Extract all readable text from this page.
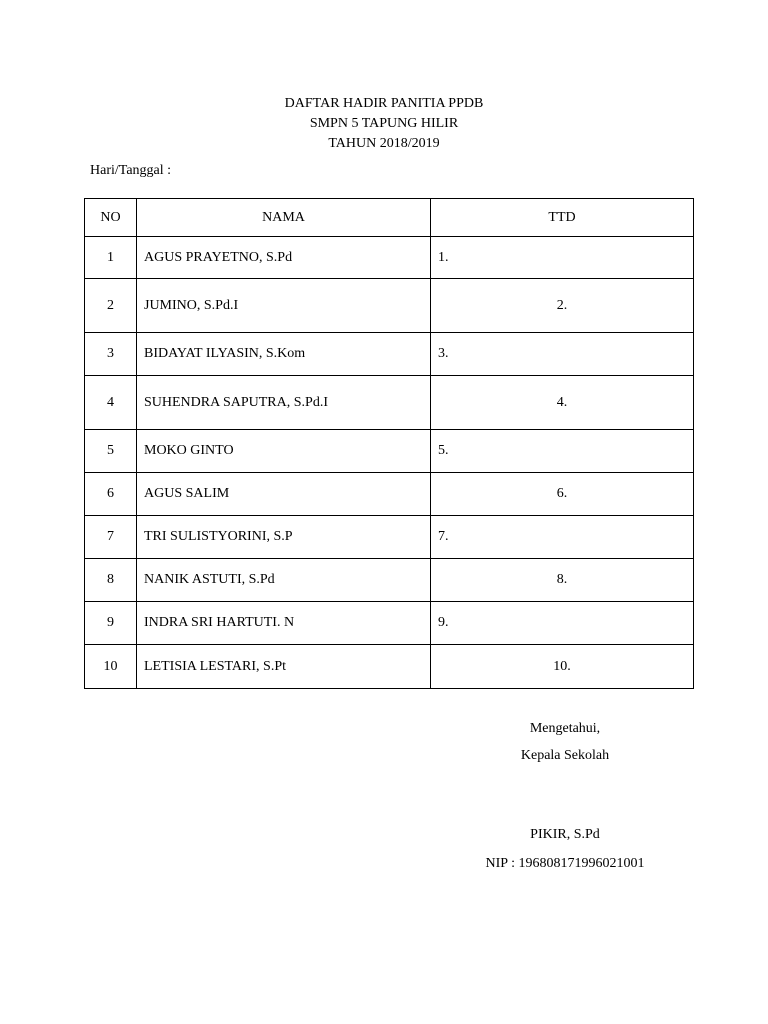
DAFTAR HADIR PANITIA PPDB
SMPN 5 TAPUNG HILIR
TAHUN 2018/2019
Hari/Tanggal :
NO	NAMA	TTD
1	AGUS PRAYETNO, S.Pd	1.
2	JUMINO, S.Pd.I	2.
3	BIDAYAT ILYASIN, S.Kom	3.
4	SUHENDRA SAPUTRA, S.Pd.I	4.
5	MOKO GINTO	5.
6	AGUS SALIM	6.
7	TRI SULISTYORINI, S.P	7.
8	NANIK ASTUTI, S.Pd	8.
9	INDRA SRI HARTUTI. N	9.
10	LETISIA LESTARI, S.Pt	10.
Mengetahui,
Kepala Sekolah
PIKIR, S.Pd
NIP : 196808171996021001
